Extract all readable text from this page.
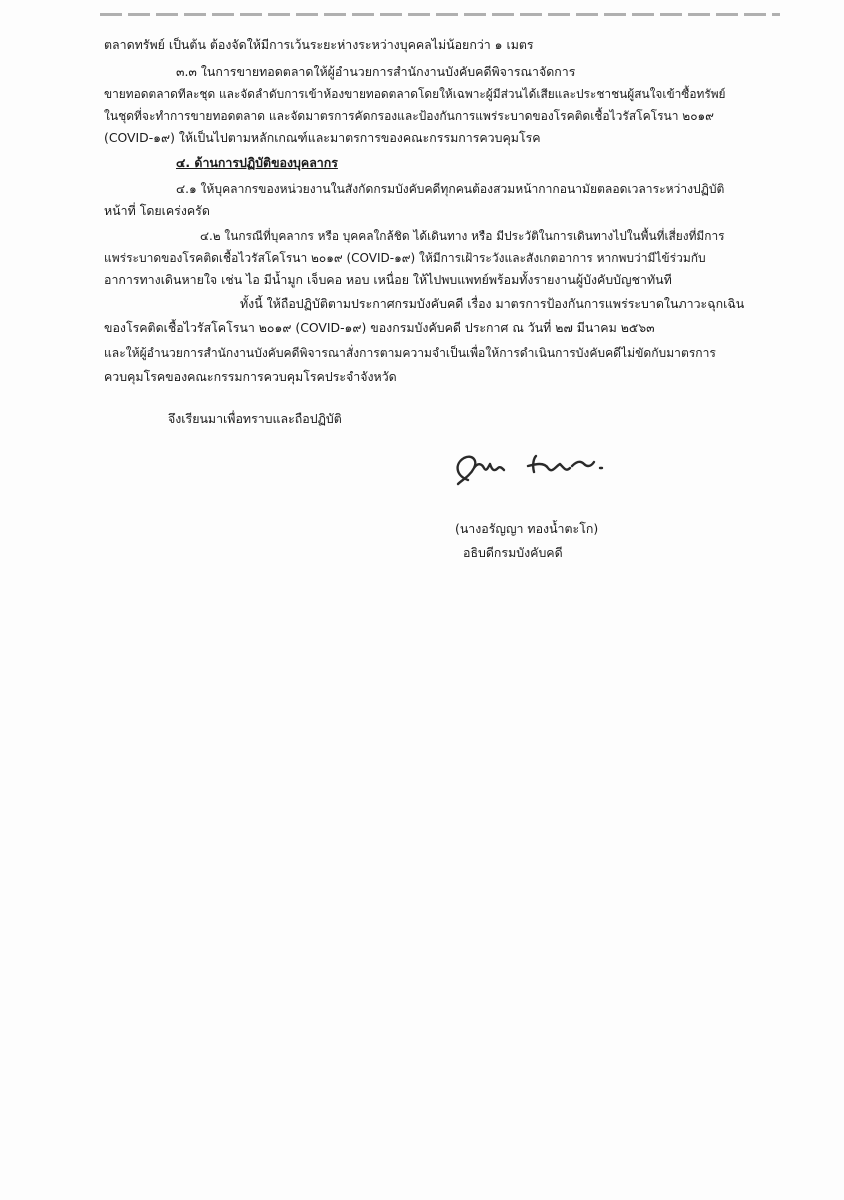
ตลาดทรัพย์ เป็นต้น ต้องจัดให้มีการเว้นระยะห่างระหว่างบุคคลไม่น้อยกว่า ๑ เมตร
๓.๓ ในการขายทอดตลาดให้ผู้อำนวยการสำนักงานบังคับคดีพิจารณาจัดการ
ขายทอดตลาดทีละชุด และจัดลำดับการเข้าห้องขายทอดตลาดโดยให้เฉพาะผู้มีส่วนได้เสียและประชาชนผู้สนใจเข้าซื้อทรัพย์
ในชุดที่จะทำการขายทอดตลาด และจัดมาตรการคัดกรองและป้องกันการแพร่ระบาดของโรคติดเชื้อไวรัสโคโรนา ๒๐๑๙
(COVID-๑๙) ให้เป็นไปตามหลักเกณฑ์และมาตรการของคณะกรรมการควบคุมโรค
๔. ด้านการปฏิบัติของบุคลากร
๔.๑ ให้บุคลากรของหน่วยงานในสังกัดกรมบังคับคดีทุกคนต้องสวมหน้ากากอนามัยตลอดเวลาระหว่างปฏิบัติ
หน้าที่ โดยเคร่งครัด
๔.๒ ในกรณีที่บุคลากร หรือ บุคคลใกล้ชิด ได้เดินทาง หรือ มีประวัติในการเดินทางไปในพื้นที่เสี่ยงที่มีการ
แพร่ระบาดของโรคติดเชื้อไวรัสโคโรนา ๒๐๑๙ (COVID-๑๙) ให้มีการเฝ้าระวังและสังเกตอาการ หากพบว่ามีไข้ร่วมกับ
อาการทางเดินหายใจ เช่น ไอ มีน้ำมูก เจ็บคอ หอบ เหนื่อย ให้ไปพบแพทย์พร้อมทั้งรายงานผู้บังคับบัญชาทันที
ทั้งนี้ ให้ถือปฏิบัติตามประกาศกรมบังคับคดี เรื่อง มาตรการป้องกันการแพร่ระบาดในภาวะฉุกเฉิน
ของโรคติดเชื้อไวรัสโคโรนา ๒๐๑๙ (COVID-๑๙) ของกรมบังคับคดี ประกาศ ณ วันที่ ๒๗ มีนาคม ๒๕๖๓
และให้ผู้อำนวยการสำนักงานบังคับคดีพิจารณาสั่งการตามความจำเป็นเพื่อให้การดำเนินการบังคับคดีไม่ขัดกับมาตรการ
ควบคุมโรคของคณะกรรมการควบคุมโรคประจำจังหวัด
จึงเรียนมาเพื่อทราบและถือปฏิบัติ
(นางอรัญญา ทองน้ำตะโก)
อธิบดีกรมบังคับคดี
